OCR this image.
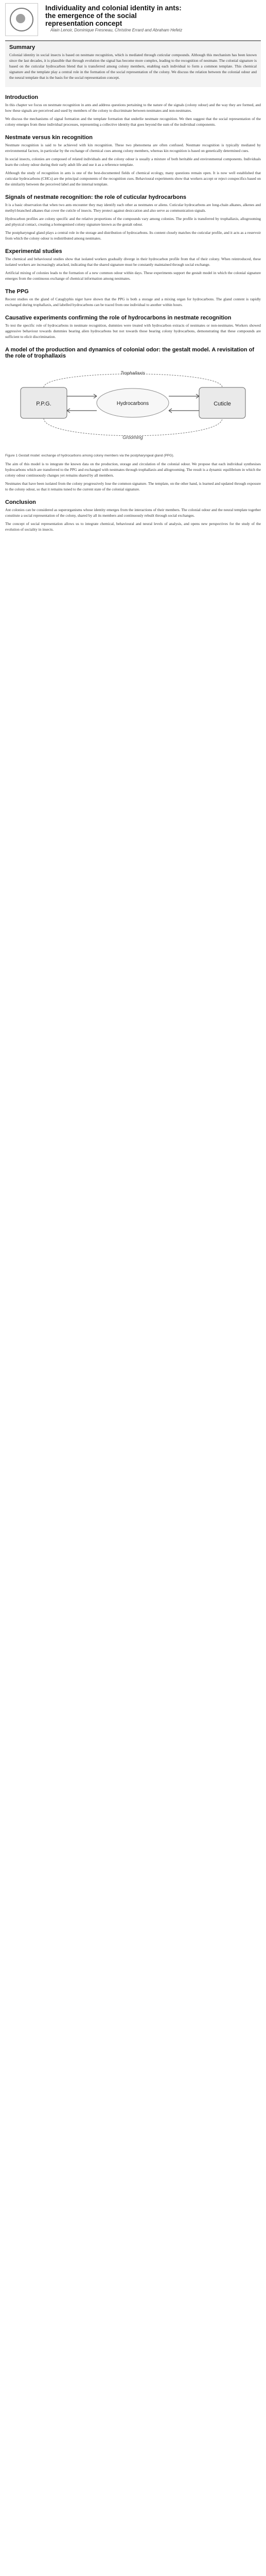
Individuality and colonial identity in ants:
the emergence of the social
representation concept
Alain Lenoir, Dominique Fresneau, Christine Errard and Abraham Hefetz
Summary

Colonial identity in social insects is based on nestmate recognition, which is mediated through cuticular compounds. Although this mechanism has been known since the last decades, it is plausible that through evolution the signal has become more complex, leading to the recognition of nestmate. The colonial signature is based on the cuticular hydrocarbon blend that is transferred among colony members, enabling each individual to form a common template. This chemical signature and the template play a central role in the formation of the social representation of the colony. We discuss the relation between the colonial odour and the neural template that is the basis for the social representation concept.

Introduction

In this chapter we focus on nestmate recognition in ants and address questions pertaining to the nature of the signals (colony odour) and the way they are formed, and how these signals are perceived and used by members of the colony to discriminate between nestmates and non-nestmates.

We discuss the mechanisms of signal formation and the template formation that underlie nestmate recognition. We then suggest that the social representation of the colony emerges from these individual processes, representing a collective identity that goes beyond the sum of the individual components.

Nestmate versus kin recognition

Nestmate recognition is said to be achieved with kin recognition. These two phenomena are often confused. Nestmate recognition is typically mediated by environmental factors, in particular by the exchange of chemical cues among colony members, whereas kin recognition is based on genetically determined cues.

In social insects, colonies are composed of related individuals and the colony odour is usually a mixture of both heritable and environmental components. Individuals learn the colony odour during their early adult life and use it as a reference template.

Although the study of recognition in ants is one of the best-documented fields of chemical ecology, many questions remain open. It is now well established that cuticular hydrocarbons (CHCs) are the principal components of the recognition cues. Behavioural experiments show that workers accept or reject conspecifics based on the similarity between the perceived label and the internal template.

Signals of nestmate recognition: the role of cuticular hydrocarbons

It is a basic observation that when two ants encounter they may identify each other as nestmates or aliens. Cuticular hydrocarbons are long-chain alkanes, alkenes and methyl-branched alkanes that cover the cuticle of insects. They protect against desiccation and also serve as communication signals.

Hydrocarbon profiles are colony specific and the relative proportions of the compounds vary among colonies. The profile is transferred by trophallaxis, allogrooming and physical contact, creating a homogenised colony signature known as the gestalt odour.

The postpharyngeal gland plays a central role in the storage and distribution of hydrocarbons. Its content closely matches the cuticular profile, and it acts as a reservoir from which the colony odour is redistributed among nestmates.

Experimental studies

The chemical and behavioural studies show that isolated workers gradually diverge in their hydrocarbon profile from that of their colony. When reintroduced, these isolated workers are increasingly attacked, indicating that the shared signature must be constantly maintained through social exchange.

Artificial mixing of colonies leads to the formation of a new common odour within days. These experiments support the gestalt model in which the colonial signature emerges from the continuous exchange of chemical information among nestmates.

The PPG

Recent studies on the gland of Cataglyphis niger have shown that the PPG is both a storage and a mixing organ for hydrocarbons. The gland content is rapidly exchanged during trophallaxis, and labelled hydrocarbons can be traced from one individual to another within hours.

Causative experiments confirming the role of hydrocarbons in nestmate recognition

To test the specific role of hydrocarbons in nestmate recognition, dummies were treated with hydrocarbon extracts of nestmates or non-nestmates. Workers showed aggressive behaviour towards dummies bearing alien hydrocarbons but not towards those bearing colony hydrocarbons, demonstrating that these compounds are sufficient to elicit discrimination.

A model of the production and dynamics of colonial odor: the gestalt model. A revisitation of the role of trophallaxis
P.P.G.	Cuticle
Hydrocarbons
Trophallaxis
Grooming
Figure 1 Gestalt model: exchange of hydrocarbons among colony members via the postpharyngeal gland (PPG).

The aim of this model is to integrate the known data on the production, storage and circulation of the colonial odour. We propose that each individual synthesises hydrocarbons which are transferred to the PPG and exchanged with nestmates through trophallaxis and allogrooming. The result is a dynamic equilibrium in which the colony odour continuously changes yet remains shared by all members.

Nestmates that have been isolated from the colony progressively lose the common signature. The template, on the other hand, is learned and updated through exposure to the colony odour, so that it remains tuned to the current state of the colonial signature.

Conclusion

Ant colonies can be considered as superorganisms whose identity emerges from the interactions of their members. The colonial odour and the neural template together constitute a social representation of the colony, shared by all its members and continuously rebuilt through social exchanges.

The concept of social representation allows us to integrate chemical, behavioural and neural levels of analysis, and opens new perspectives for the study of the evolution of sociality in insects.
